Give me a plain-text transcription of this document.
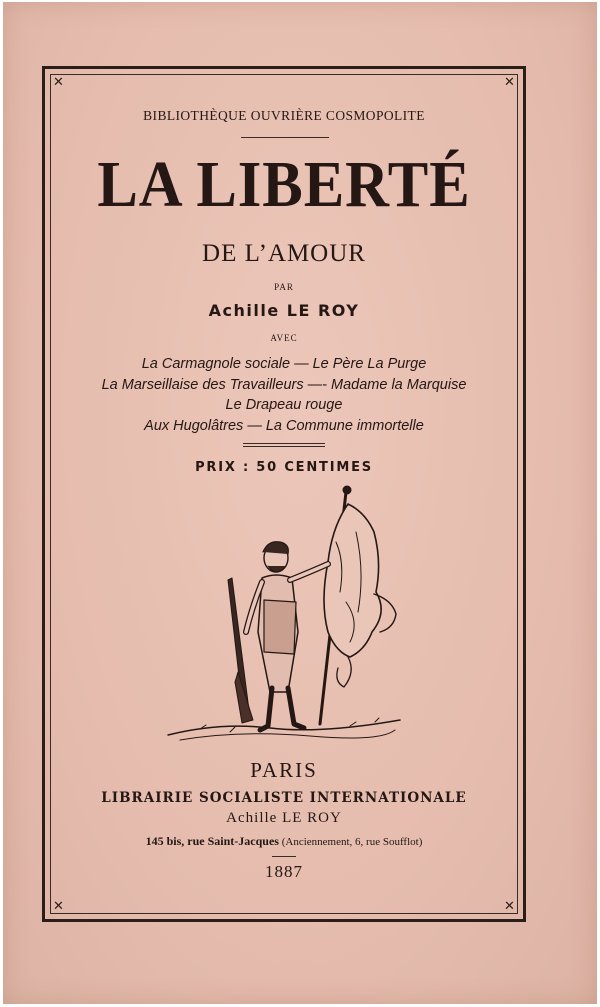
✕	✕
✕	✕
BIBLIOTHÈQUE OUVRIÈRE COSMOPOLITE
LA LIBERTÉ
DE L’AMOUR
PAR
Achille LE ROY
AVEC
La Carmagnole sociale — Le Père La Purge
La Marseillaise des Travailleurs —- Madame la Marquise
Le Drapeau rouge
Aux Hugolâtres — La Commune immortelle
PRIX : 50 CENTIMES
PARIS
LIBRAIRIE SOCIALISTE INTERNATIONALE
Achille LE ROY
145 bis, rue Saint-Jacques (Anciennement, 6, rue Soufflot)
1887
